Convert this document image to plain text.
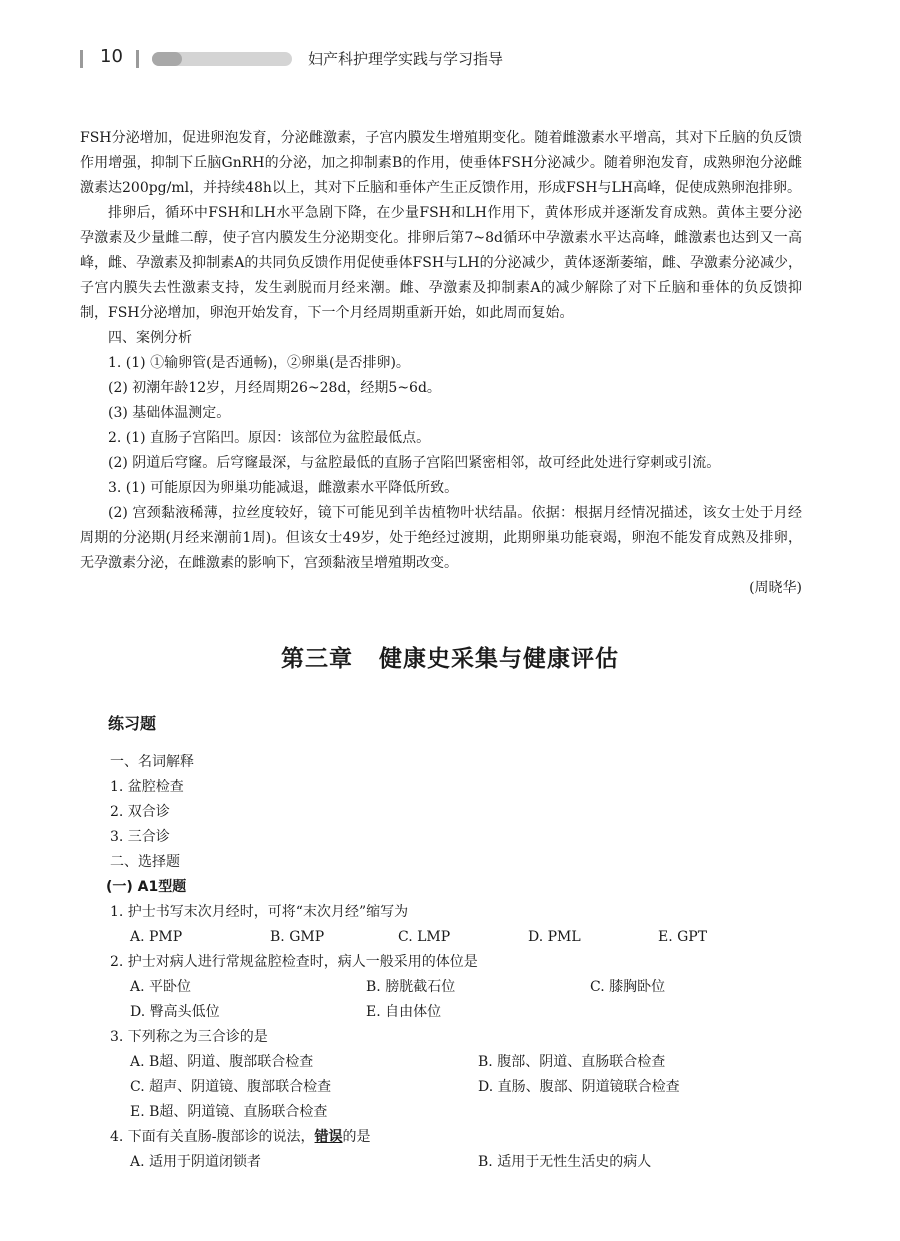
10	妇产科护理学实践与学习指导

FSH分泌增加，促进卵泡发育，分泌雌激素，子宫内膜发生增殖期变化。随着雌激素水平增高，其对下丘脑的负反馈作用增强，抑制下丘脑GnRH的分泌，加之抑制素B的作用，使垂体FSH分泌减少。随着卵泡发育，成熟卵泡分泌雌激素达200pg/ml，并持续48h以上，其对下丘脑和垂体产生正反馈作用，形成FSH与LH高峰，促使成熟卵泡排卵。

排卵后，循环中FSH和LH水平急剧下降，在少量FSH和LH作用下，黄体形成并逐渐发育成熟。黄体主要分泌孕激素及少量雌二醇，使子宫内膜发生分泌期变化。排卵后第7~8d循环中孕激素水平达高峰，雌激素也达到又一高峰，雌、孕激素及抑制素A的共同负反馈作用促使垂体FSH与LH的分泌减少，黄体逐渐萎缩，雌、孕激素分泌减少，子宫内膜失去性激素支持，发生剥脱而月经来潮。雌、孕激素及抑制素A的减少解除了对下丘脑和垂体的负反馈抑制，FSH分泌增加，卵泡开始发育，下一个月经周期重新开始，如此周而复始。

四、案例分析
1. (1) ①输卵管(是否通畅)，②卵巢(是否排卵)。
(2) 初潮年龄12岁，月经周期26~28d，经期5~6d。
(3) 基础体温测定。
2. (1) 直肠子宫陷凹。原因：该部位为盆腔最低点。
(2) 阴道后穹窿。后穹窿最深，与盆腔最低的直肠子宫陷凹紧密相邻，故可经此处进行穿刺或引流。
3. (1) 可能原因为卵巢功能减退，雌激素水平降低所致。

(2) 宫颈黏液稀薄，拉丝度较好，镜下可能见到羊齿植物叶状结晶。依据：根据月经情况描述，该女士处于月经周期的分泌期(月经来潮前1周)。但该女士49岁，处于绝经过渡期，此期卵巢功能衰竭，卵泡不能发育成熟及排卵，无孕激素分泌，在雌激素的影响下，宫颈黏液呈增殖期改变。

(周晓华)
第三章 健康史采集与健康评估
练习题
一、名词解释
1. 盆腔检查
2. 双合诊
3. 三合诊
二、选择题
(一) A1型题
1. 护士书写末次月经时，可将“末次月经”缩写为
A. PMP	B. GMP	C. LMP	D. PML	E. GPT
2. 护士对病人进行常规盆腔检查时，病人一般采用的体位是
A. 平卧位	B. 膀胱截石位	C. 膝胸卧位
D. 臀高头低位	E. 自由体位
3. 下列称之为三合诊的是
A. B超、阴道、腹部联合检查	B. 腹部、阴道、直肠联合检查
C. 超声、阴道镜、腹部联合检查	D. 直肠、腹部、阴道镜联合检查
E. B超、阴道镜、直肠联合检查
4. 下面有关直肠-腹部诊的说法，错误的是
A. 适用于阴道闭锁者	B. 适用于无性生活史的病人
